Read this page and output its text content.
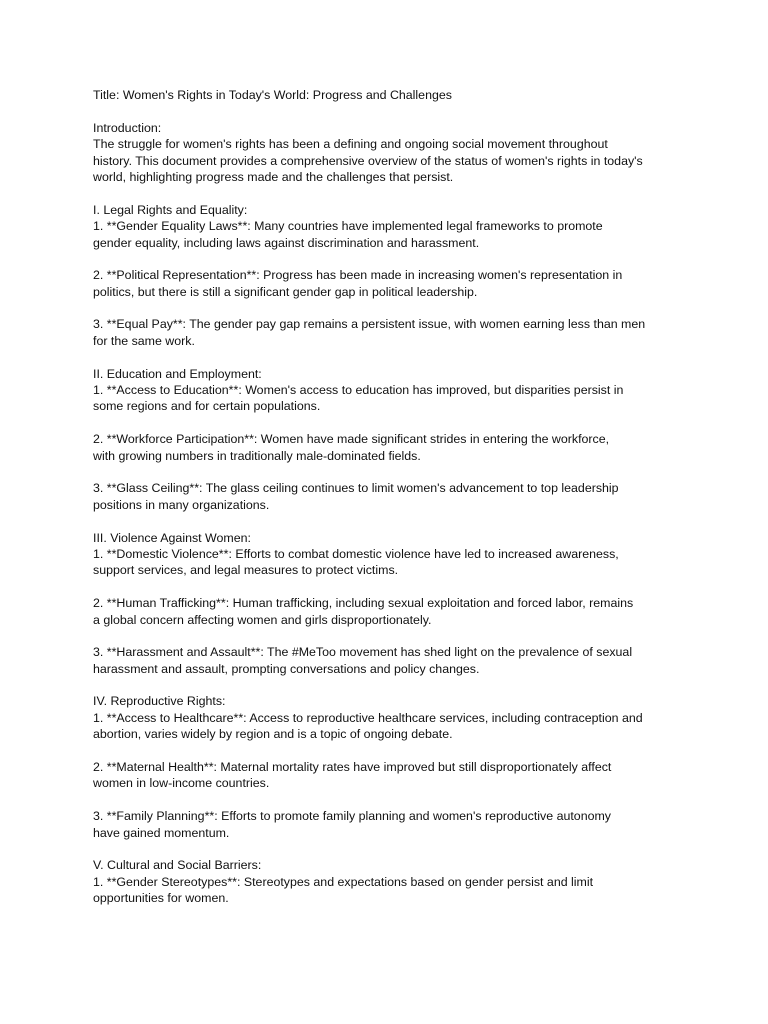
Title: Women's Rights in Today's World: Progress and Challenges
Introduction:
The struggle for women's rights has been a defining and ongoing social movement throughout
history. This document provides a comprehensive overview of the status of women's rights in today's
world, highlighting progress made and the challenges that persist.
I. Legal Rights and Equality:
1. **Gender Equality Laws**: Many countries have implemented legal frameworks to promote
gender equality, including laws against discrimination and harassment.
2. **Political Representation**: Progress has been made in increasing women's representation in
politics, but there is still a significant gender gap in political leadership.
3. **Equal Pay**: The gender pay gap remains a persistent issue, with women earning less than men
for the same work.
II. Education and Employment:
1. **Access to Education**: Women's access to education has improved, but disparities persist in
some regions and for certain populations.
2. **Workforce Participation**: Women have made significant strides in entering the workforce,
with growing numbers in traditionally male-dominated fields.
3. **Glass Ceiling**: The glass ceiling continues to limit women's advancement to top leadership
positions in many organizations.
III. Violence Against Women:
1. **Domestic Violence**: Efforts to combat domestic violence have led to increased awareness,
support services, and legal measures to protect victims.
2. **Human Trafficking**: Human trafficking, including sexual exploitation and forced labor, remains
a global concern affecting women and girls disproportionately.
3. **Harassment and Assault**: The #MeToo movement has shed light on the prevalence of sexual
harassment and assault, prompting conversations and policy changes.
IV. Reproductive Rights:
1. **Access to Healthcare**: Access to reproductive healthcare services, including contraception and
abortion, varies widely by region and is a topic of ongoing debate.
2. **Maternal Health**: Maternal mortality rates have improved but still disproportionately affect
women in low-income countries.
3. **Family Planning**: Efforts to promote family planning and women's reproductive autonomy
have gained momentum.
V. Cultural and Social Barriers:
1. **Gender Stereotypes**: Stereotypes and expectations based on gender persist and limit
opportunities for women.
